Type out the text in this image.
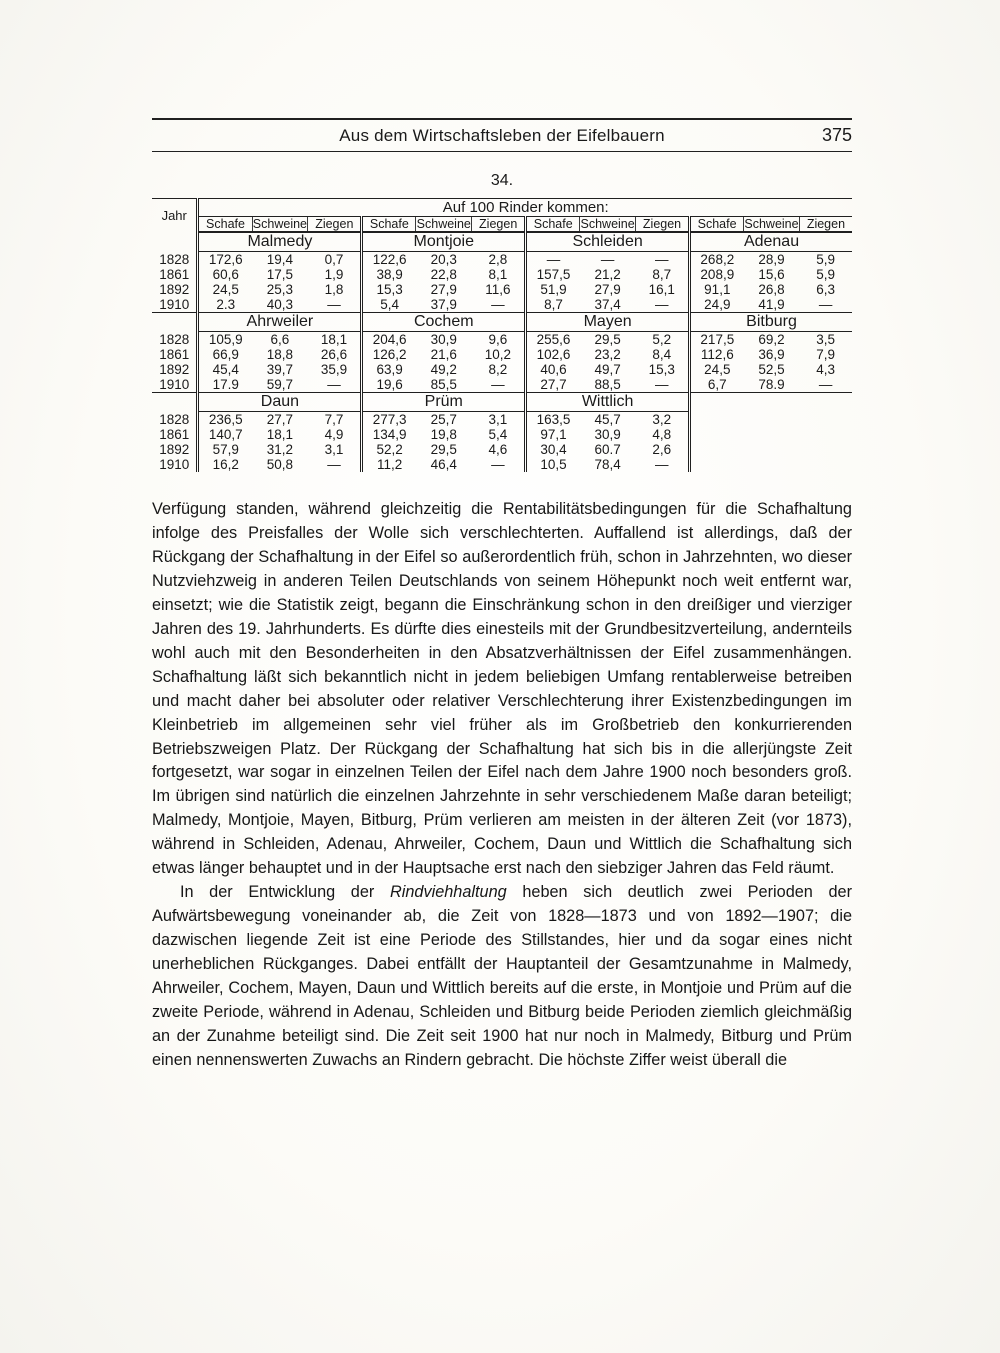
Aus dem Wirtschaftsleben der Eifelbauern	375
34.
Jahr	Auf 100 Rinder kommen:											
	Schafe	Schweine	Ziegen	Schafe	Schweine	Ziegen	Schafe	Schweine	Ziegen	Schafe	Schweine	Ziegen
	Malmedy			Montjoie			Schleiden			Adenau		
1828	172,6	19,4	0,7	122,6	20,3	2,8	—	—	—	268,2	28,9	5,9
1861	60,6	17,5	1,9	38,9	22,8	8,1	157,5	21,2	8,7	208,9	15,6	5,9
1892	24,5	25,3	1,8	15,3	27,9	11,6	51,9	27,9	16,1	91,1	26,8	6,3
1910	2.3	40,3	—	5,4	37,9	—	8,7	37,4	—	24,9	41,9	—
	Ahrweiler			Cochem			Mayen			Bitburg		
1828	105,9	6,6	18,1	204,6	30,9	9,6	255,6	29,5	5,2	217,5	69,2	3,5
1861	66,9	18,8	26,6	126,2	21,6	10,2	102,6	23,2	8,4	112,6	36,9	7,9
1892	45,4	39,7	35,9	63,9	49,2	8,2	40,6	49,7	15,3	24,5	52,5	4,3
1910	17.9	59,7	—	19,6	85,5	—	27,7	88,5	—	6,7	78.9	—
	Daun			Prüm			Wittlich					
1828	236,5	27,7	7,7	277,3	25,7	3,1	163,5	45,7	3,2			
1861	140,7	18,1	4,9	134,9	19,8	5,4	97,1	30,9	4,8			
1892	57,9	31,2	3,1	52,2	29,5	4,6	30,4	60.7	2,6			
1910	16,2	50,8	—	11,2	46,4	—	10,5	78,4	—			

Verfügung standen, während gleichzeitig die Rentabilitätsbedingungen für die Schafhaltung infolge des Preisfalles der Wolle sich verschlechterten. Auffallend ist allerdings, daß der Rückgang der Schafhaltung in der Eifel so außerordentlich früh, schon in Jahrzehnten, wo dieser Nutzviehzweig in anderen Teilen Deutschlands von seinem Höhepunkt noch weit entfernt war, einsetzt; wie die Statistik zeigt, begann die Einschränkung schon in den dreißiger und vierziger Jahren des 19. Jahrhunderts. Es dürfte dies einesteils mit der Grundbesitzverteilung, andernteils wohl auch mit den Besonderheiten in den Absatzverhältnissen der Eifel zusammenhängen. Schafhaltung läßt sich bekanntlich nicht in jedem beliebigen Umfang rentablerweise betreiben und macht daher bei absoluter oder relativer Verschlechterung ihrer Existenzbedingungen im Kleinbetrieb im allgemeinen sehr viel früher als im Großbetrieb den konkurrierenden Betriebszweigen Platz. Der Rückgang der Schafhaltung hat sich bis in die allerjüngste Zeit fortgesetzt, war sogar in einzelnen Teilen der Eifel nach dem Jahre 1900 noch besonders groß. Im übrigen sind natürlich die einzelnen Jahrzehnte in sehr verschiedenem Maße daran beteiligt; Malmedy, Montjoie, Mayen, Bitburg, Prüm verlieren am meisten in der älteren Zeit (vor 1873), während in Schleiden, Adenau, Ahrweiler, Cochem, Daun und Wittlich die Schafhaltung sich etwas länger behauptet und in der Hauptsache erst nach den siebziger Jahren das Feld räumt.

In der Entwicklung der Rindviehhaltung heben sich deutlich zwei Perioden der Aufwärtsbewegung voneinander ab, die Zeit von 1828—1873 und von 1892—1907; die dazwischen liegende Zeit ist eine Periode des Stillstandes, hier und da sogar eines nicht unerheblichen Rückganges. Dabei entfällt der Hauptanteil der Gesamtzunahme in Malmedy, Ahrweiler, Cochem, Mayen, Daun und Wittlich bereits auf die erste, in Montjoie und Prüm auf die zweite Periode, während in Adenau, Schleiden und Bitburg beide Perioden ziemlich gleichmäßig an der Zunahme beteiligt sind. Die Zeit seit 1900 hat nur noch in Malmedy, Bitburg und Prüm einen nennenswerten Zuwachs an Rindern gebracht. Die höchste Ziffer weist überall die
